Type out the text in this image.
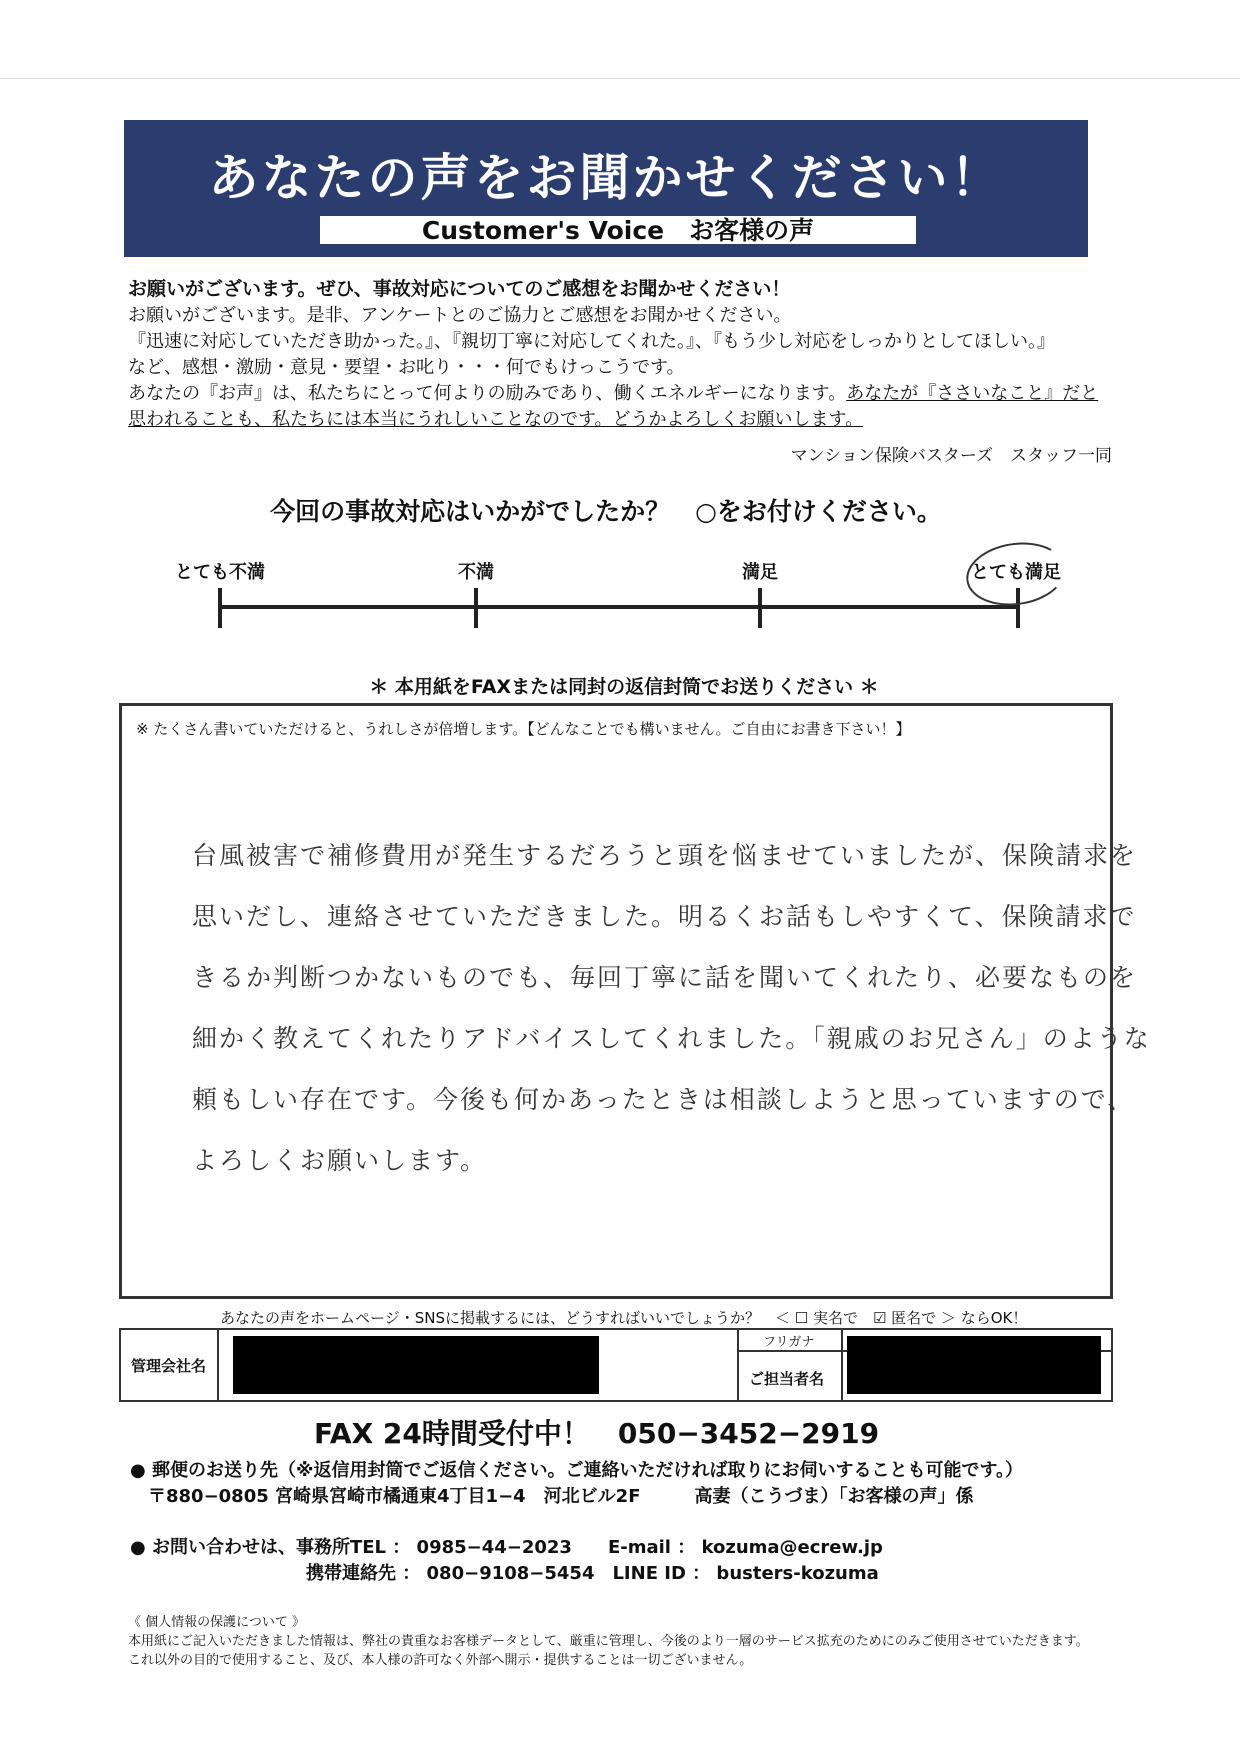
あなたの声をお聞かせください！
Customer's Voice　お客様の声
お願いがございます。ぜひ、事故対応についてのご感想をお聞かせください！
お願いがございます。是非、アンケートとのご協力とご感想をお聞かせください。
『迅速に対応していただき助かった。』、『親切丁寧に対応してくれた。』、『もう少し対応をしっかりとしてほしい。』
など、感想・激励・意見・要望・お叱り・・・何でもけっこうです。
あなたの『お声』は、私たちにとって何よりの励みであり、働くエネルギーになります。あなたが『ささいなこと』だと
思われることも、私たちには本当にうれしいことなのです。どうかよろしくお願いします。
マンション保険バスターズ　スタッフ一同
今回の事故対応はいかがでしたか？　○をお付けください。
とても不満	不満	満足	とても満足
＊ 本用紙をFAXまたは同封の返信封筒でお送りください ＊
※ たくさん書いていただけると、うれしさが倍増します。【どんなことでも構いません。ご自由にお書き下さい！】
台風被害で補修費用が発生するだろうと頭を悩ませていましたが、保険請求を
思いだし、連絡させていただきました。明るくお話もしやすくて、保険請求で
きるか判断つかないものでも、毎回丁寧に話を聞いてくれたり、必要なものを
細かく教えてくれたりアドバイスしてくれました。「親戚のお兄さん」のような
頼もしい存在です。今後も何かあったときは相談しようと思っていますので、
よろしくお願いします。
あなたの声をホームページ・SNSに掲載するには、どうすればいいでしょうか？　＜ ☐ 実名で　☑ 匿名で ＞ ならOK！
管理会社名
フリガナ
ご担当者名
FAX 24時間受付中！　050−3452−2919
● 郵便のお送り先（※返信用封筒でご返信ください。ご連絡いただければ取りにお伺いすることも可能です。）
〒880−0805 宮崎県宮崎市橘通東4丁目1−4　河北ビル2F　　　高妻（こうづま）「お客様の声」係
● お問い合わせは、事務所TEL ： 0985−44−2023　　E-mail ： kozuma@ecrew.jp
携帯連絡先 ： 080−9108−5454　LINE ID ： busters-kozuma
《 個人情報の保護について 》
本用紙にご記入いただきました情報は、弊社の貴重なお客様データとして、厳重に管理し、今後のより一層のサービス拡充のためにのみご使用させていただきます。
これ以外の目的で使用すること、及び、本人様の許可なく外部へ開示・提供することは一切ございません。
